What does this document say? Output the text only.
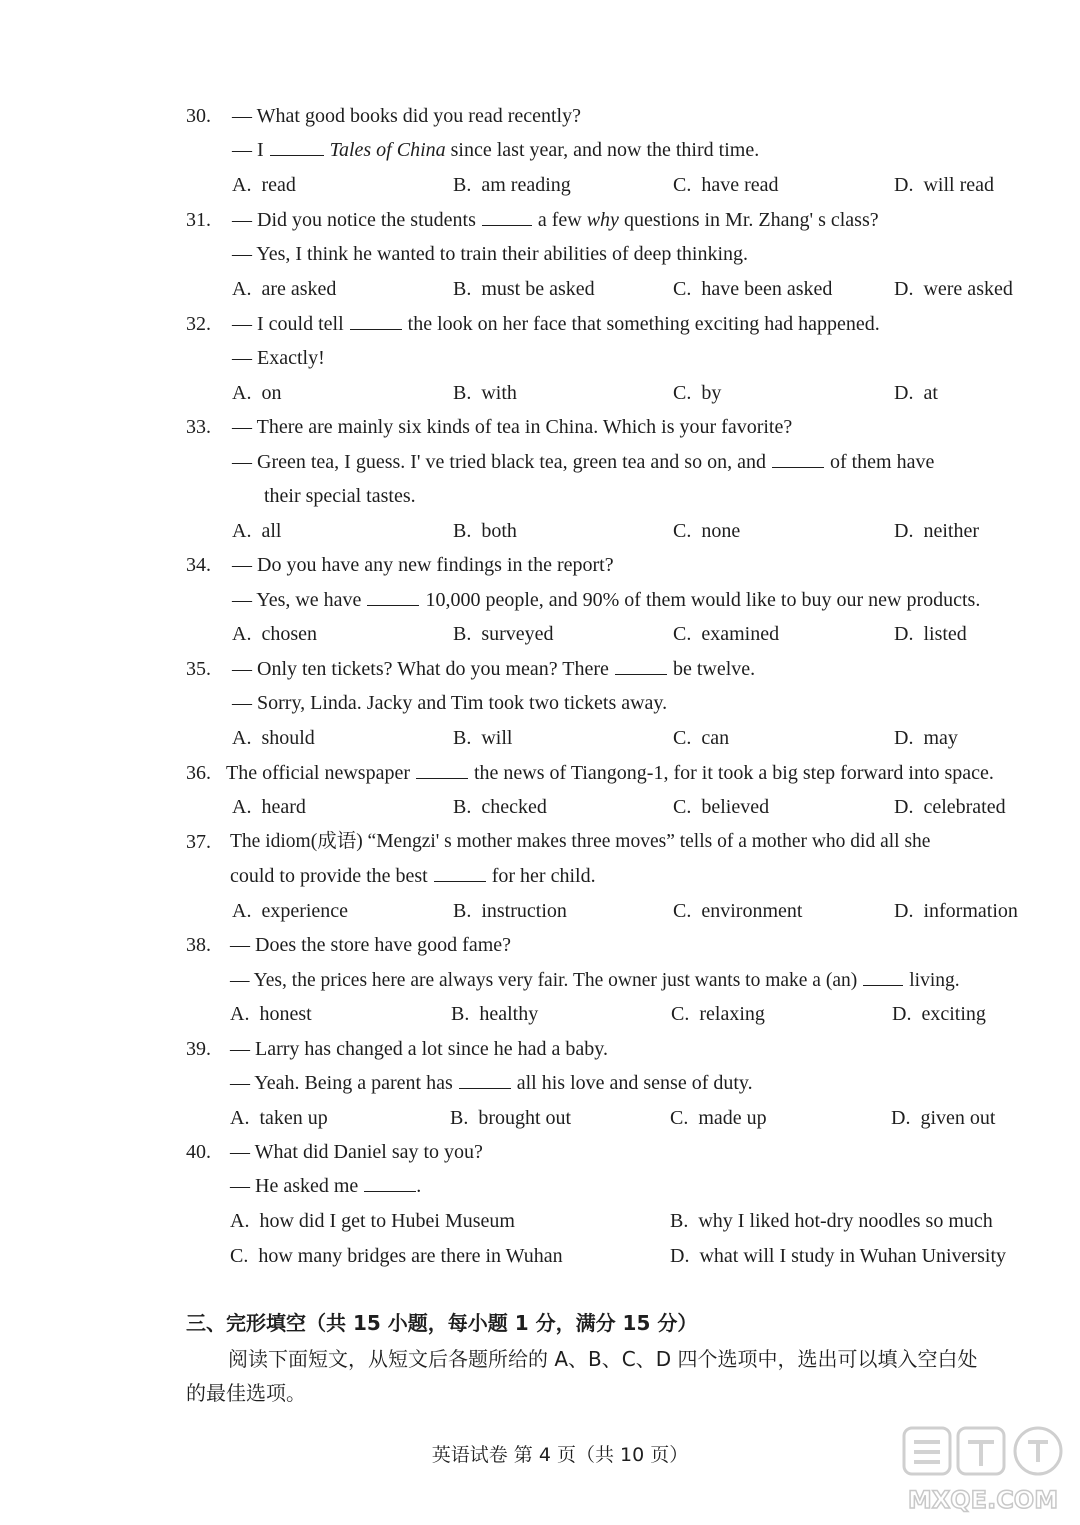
30. — What good books did you read recently?
— I	Tales of China since last year, and now the third time.
A. read	B. am reading	C. have read	D. will read
31. — Did you notice the students	a few why questions in Mr. Zhang' s class?
— Yes, I think he wanted to train their abilities of deep thinking.
A. are asked	B. must be asked	C. have been asked	D. were asked
32. — I could tell	the look on her face that something exciting had happened.
— Exactly!
A. on	B. with	C. by	D. at
33. — There are mainly six kinds of tea in China. Which is your favorite?
— Green tea, I guess. I' ve tried black tea, green tea and so on, and	of them have
their special tastes.
A. all	B. both	C. none	D. neither
34. — Do you have any new findings in the report?
— Yes, we have	10,000 people, and 90% of them would like to buy our new products.
A. chosen	B. surveyed	C. examined	D. listed
35. — Only ten tickets? What do you mean? There	be twelve.
— Sorry, Linda. Jacky and Tim took two tickets away.
A. should	B. will	C. can	D. may
36. The official newspaper	the news of Tiangong-1, for it took a big step forward into space.
A. heard	B. checked	C. believed	D. celebrated
37. The idiom(成语) “Mengzi' s mother makes three moves” tells of a mother who did all she
could to provide the best	for her child.
A. experience	B. instruction	C. environment	D. information
38. — Does the store have good fame?
— Yes, the prices here are always very fair. The owner just wants to make a (an)	living.
A. honest	B. healthy	C. relaxing	D. exciting
39. — Larry has changed a lot since he had a baby.
— Yeah. Being a parent has	all his love and sense of duty.
A. taken up	B. brought out	C. made up	D. given out
40. — What did Daniel say to you?
— He asked me	.
A. how did I get to Hubei Museum	B. why I liked hot-dry noodles so much
C. how many bridges are there in Wuhan	D. what will I study in Wuhan University
三、完形填空（共 15 小题，每小题 1 分，满分 15 分）
阅读下面短文，从短文后各题所给的 A、B、C、D 四个选项中，选出可以填入空白处
的最佳选项。
英语试卷 第 4 页（共 10 页）
MXQE.COM
